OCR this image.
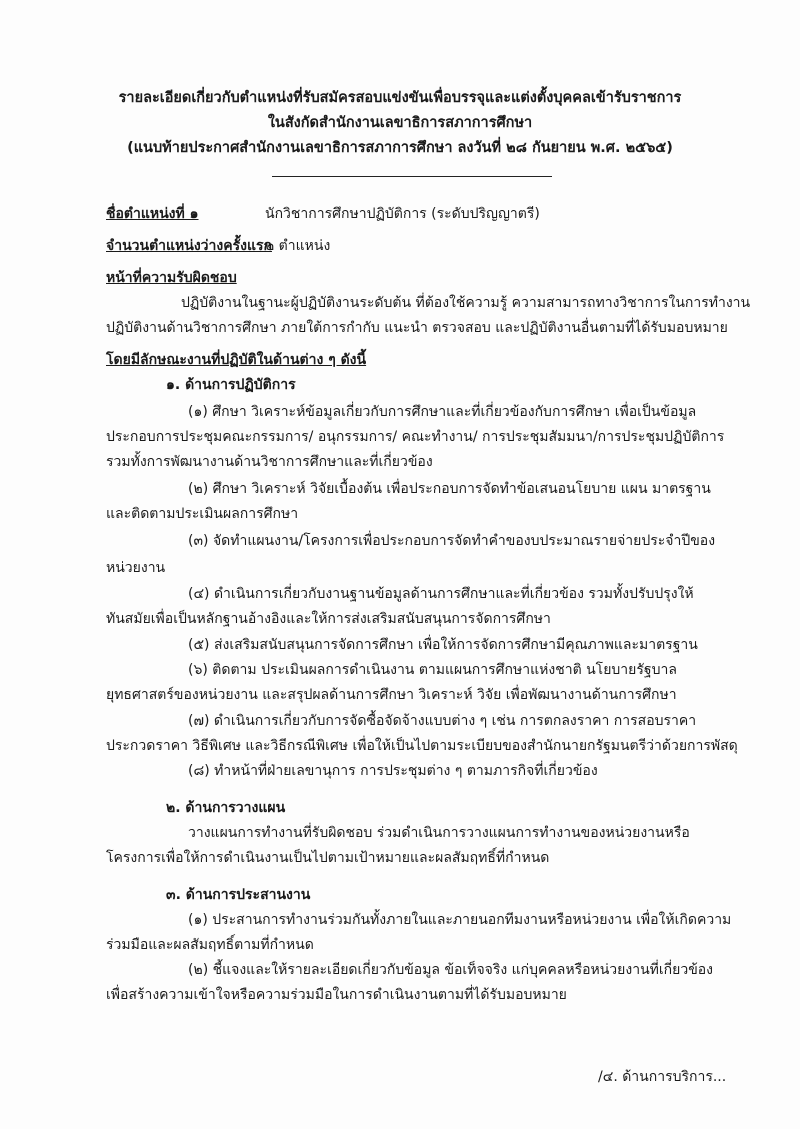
รายละเอียดเกี่ยวกับตำแหน่งที่รับสมัครสอบแข่งขันเพื่อบรรจุและแต่งตั้งบุคคลเข้ารับราชการ
ในสังกัดสำนักงานเลขาธิการสภาการศึกษา
(แนบท้ายประกาศสำนักงานเลขาธิการสภาการศึกษา ลงวันที่ ๒๘ กันยายน พ.ศ. ๒๕๖๕)
ชื่อตำแหน่งที่ ๑	นักวิชาการศึกษาปฏิบัติการ (ระดับปริญญาตรี)
จำนวนตำแหน่งว่างครั้งแรก
๒ ตำแหน่ง
หน้าที่ความรับผิดชอบ
ปฏิบัติงานในฐานะผู้ปฏิบัติงานระดับต้น ที่ต้องใช้ความรู้ ความสามารถทางวิชาการในการทำงาน
ปฏิบัติงานด้านวิชาการศึกษา ภายใต้การกำกับ แนะนำ ตรวจสอบ และปฏิบัติงานอื่นตามที่ได้รับมอบหมาย
โดยมีลักษณะงานที่ปฏิบัติในด้านต่าง ๆ ดังนี้
๑. ด้านการปฏิบัติการ
(๑) ศึกษา วิเคราะห์ข้อมูลเกี่ยวกับการศึกษาและที่เกี่ยวข้องกับการศึกษา เพื่อเป็นข้อมูล
ประกอบการประชุมคณะกรรมการ/ อนุกรรมการ/ คณะทำงาน/ การประชุมสัมมนา/การประชุมปฏิบัติการ
รวมทั้งการพัฒนางานด้านวิชาการศึกษาและที่เกี่ยวข้อง
(๒) ศึกษา วิเคราะห์ วิจัยเบื้องต้น เพื่อประกอบการจัดทำข้อเสนอนโยบาย แผน มาตรฐาน
และติดตามประเมินผลการศึกษา
(๓) จัดทำแผนงาน/โครงการเพื่อประกอบการจัดทำคำของบประมาณรายจ่ายประจำปีของ
หน่วยงาน
(๔) ดำเนินการเกี่ยวกับงานฐานข้อมูลด้านการศึกษาและที่เกี่ยวข้อง รวมทั้งปรับปรุงให้
ทันสมัยเพื่อเป็นหลักฐานอ้างอิงและให้การส่งเสริมสนับสนุนการจัดการศึกษา
(๕) ส่งเสริมสนับสนุนการจัดการศึกษา เพื่อให้การจัดการศึกษามีคุณภาพและมาตรฐาน
(๖) ติดตาม ประเมินผลการดำเนินงาน ตามแผนการศึกษาแห่งชาติ นโยบายรัฐบาล
ยุทธศาสตร์ของหน่วยงาน และสรุปผลด้านการศึกษา วิเคราะห์ วิจัย เพื่อพัฒนางานด้านการศึกษา
(๗) ดำเนินการเกี่ยวกับการจัดซื้อจัดจ้างแบบต่าง ๆ เช่น การตกลงราคา การสอบราคา
ประกวดราคา วิธีพิเศษ และวิธีกรณีพิเศษ เพื่อให้เป็นไปตามระเบียบของสำนักนายกรัฐมนตรีว่าด้วยการพัสดุ
(๘) ทำหน้าที่ฝ่ายเลขานุการ การประชุมต่าง ๆ ตามภารกิจที่เกี่ยวข้อง
๒. ด้านการวางแผน
วางแผนการทำงานที่รับผิดชอบ ร่วมดำเนินการวางแผนการทำงานของหน่วยงานหรือ
โครงการเพื่อให้การดำเนินงานเป็นไปตามเป้าหมายและผลสัมฤทธิ์ที่กำหนด
๓. ด้านการประสานงาน
(๑) ประสานการทำงานร่วมกันทั้งภายในและภายนอกทีมงานหรือหน่วยงาน เพื่อให้เกิดความ
ร่วมมือและผลสัมฤทธิ์ตามที่กำหนด
(๒) ชี้แจงและให้รายละเอียดเกี่ยวกับข้อมูล ข้อเท็จจริง แก่บุคคลหรือหน่วยงานที่เกี่ยวข้อง
เพื่อสร้างความเข้าใจหรือความร่วมมือในการดำเนินงานตามที่ได้รับมอบหมาย
/๔. ด้านการบริการ...
